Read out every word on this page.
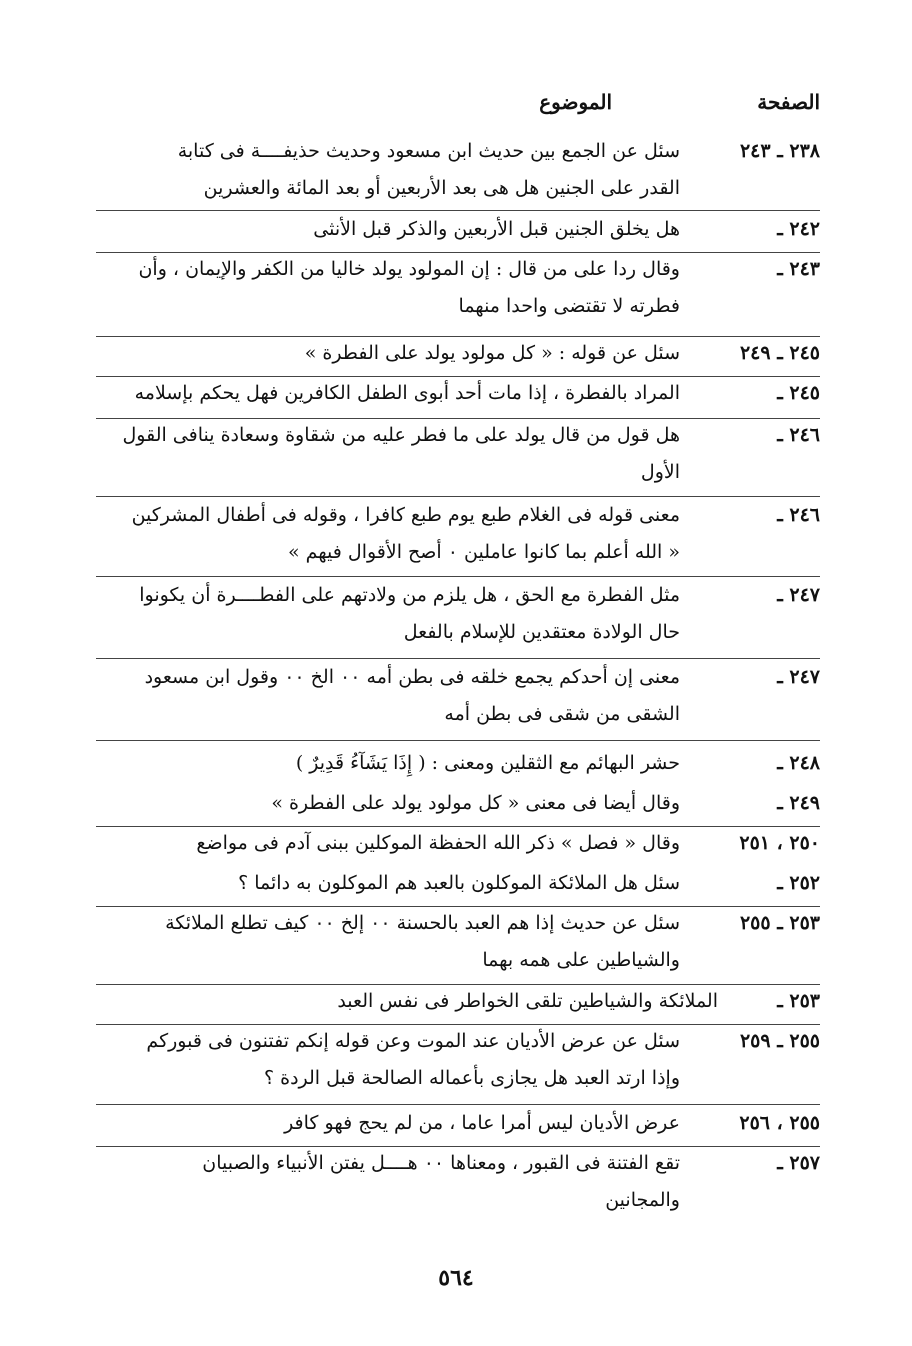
الصفحة
الموضوع
٢٣٨ ـ ٢٤٣
سئل عن الجمع بين حديث ابن مسعود وحديث حذيفــــة فى كتابة
القدر على الجنين هل هى بعد الأربعين أو بعد المائة والعشرين
٢٤٢ ـ
هل يخلق الجنين قبل الأربعين والذكر قبل الأنثى
٢٤٣ ـ
وقال ردا على من قال : إن المولود يولد خاليا من الكفر والإيمان ، وأن
فطرته لا تقتضى واحدا منهما
٢٤٥ ـ ٢٤٩
سئل عن قوله : « كل مولود يولد على الفطرة »
٢٤٥ ـ
المراد بالفطرة ، إذا مات أحد أبوى الطفل الكافرين فهل يحكم بإسلامه
٢٤٦ ـ
هل قول من قال يولد على ما فطر عليه من شقاوة وسعادة ينافى القول
الأول
٢٤٦ ـ
معنى قوله فى الغلام طبع يوم طبع كافرا ، وقوله فى أطفال المشركين
« الله أعلم بما كانوا عاملين ٠ أصح الأقوال فيهم »
٢٤٧ ـ
مثل الفطرة مع الحق ، هل يلزم من ولادتهم على الفطــــرة أن يكونوا
حال الولادة معتقدين للإسلام بالفعل
٢٤٧ ـ
معنى إن أحدكم يجمع خلقه فى بطن أمه ٠٠ الخ ٠٠ وقول ابن مسعود
الشقى من شقى فى بطن أمه
٢٤٨ ـ
حشر البهائم مع الثقلين ومعنى : ( إِذَا يَشَآءُ قَدِيرٌ )
٢٤٩ ـ
وقال أيضا فى معنى « كل مولود يولد على الفطرة »
٢٥٠ ، ٢٥١
وقال « فصل » ذكر الله الحفظة الموكلين ببنى آدم فى مواضع
٢٥٢ ـ
سئل هل الملائكة الموكلون بالعبد هم الموكلون به دائما ؟
٢٥٣ ـ ٢٥٥
سئل عن حديث إذا هم العبد بالحسنة ٠٠ إلخ ٠٠ كيف تطلع الملائكة
والشياطين على همه بهما
٢٥٣ ـ
الملائكة والشياطين تلقى الخواطر فى نفس العبد
٢٥٥ ـ ٢٥٩
سئل عن عرض الأديان عند الموت وعن قوله إنكم تفتنون فى قبوركم
وإذا ارتد العبد هل يجازى بأعماله الصالحة قبل الردة ؟
٢٥٥ ، ٢٥٦
عرض الأديان ليس أمرا عاما ، من لم يحج فهو كافر
٢٥٧ ـ
تقع الفتنة فى القبور ، ومعناها ٠٠ هــــل يفتن الأنبياء والصبيان
والمجانين
٥٦٤
